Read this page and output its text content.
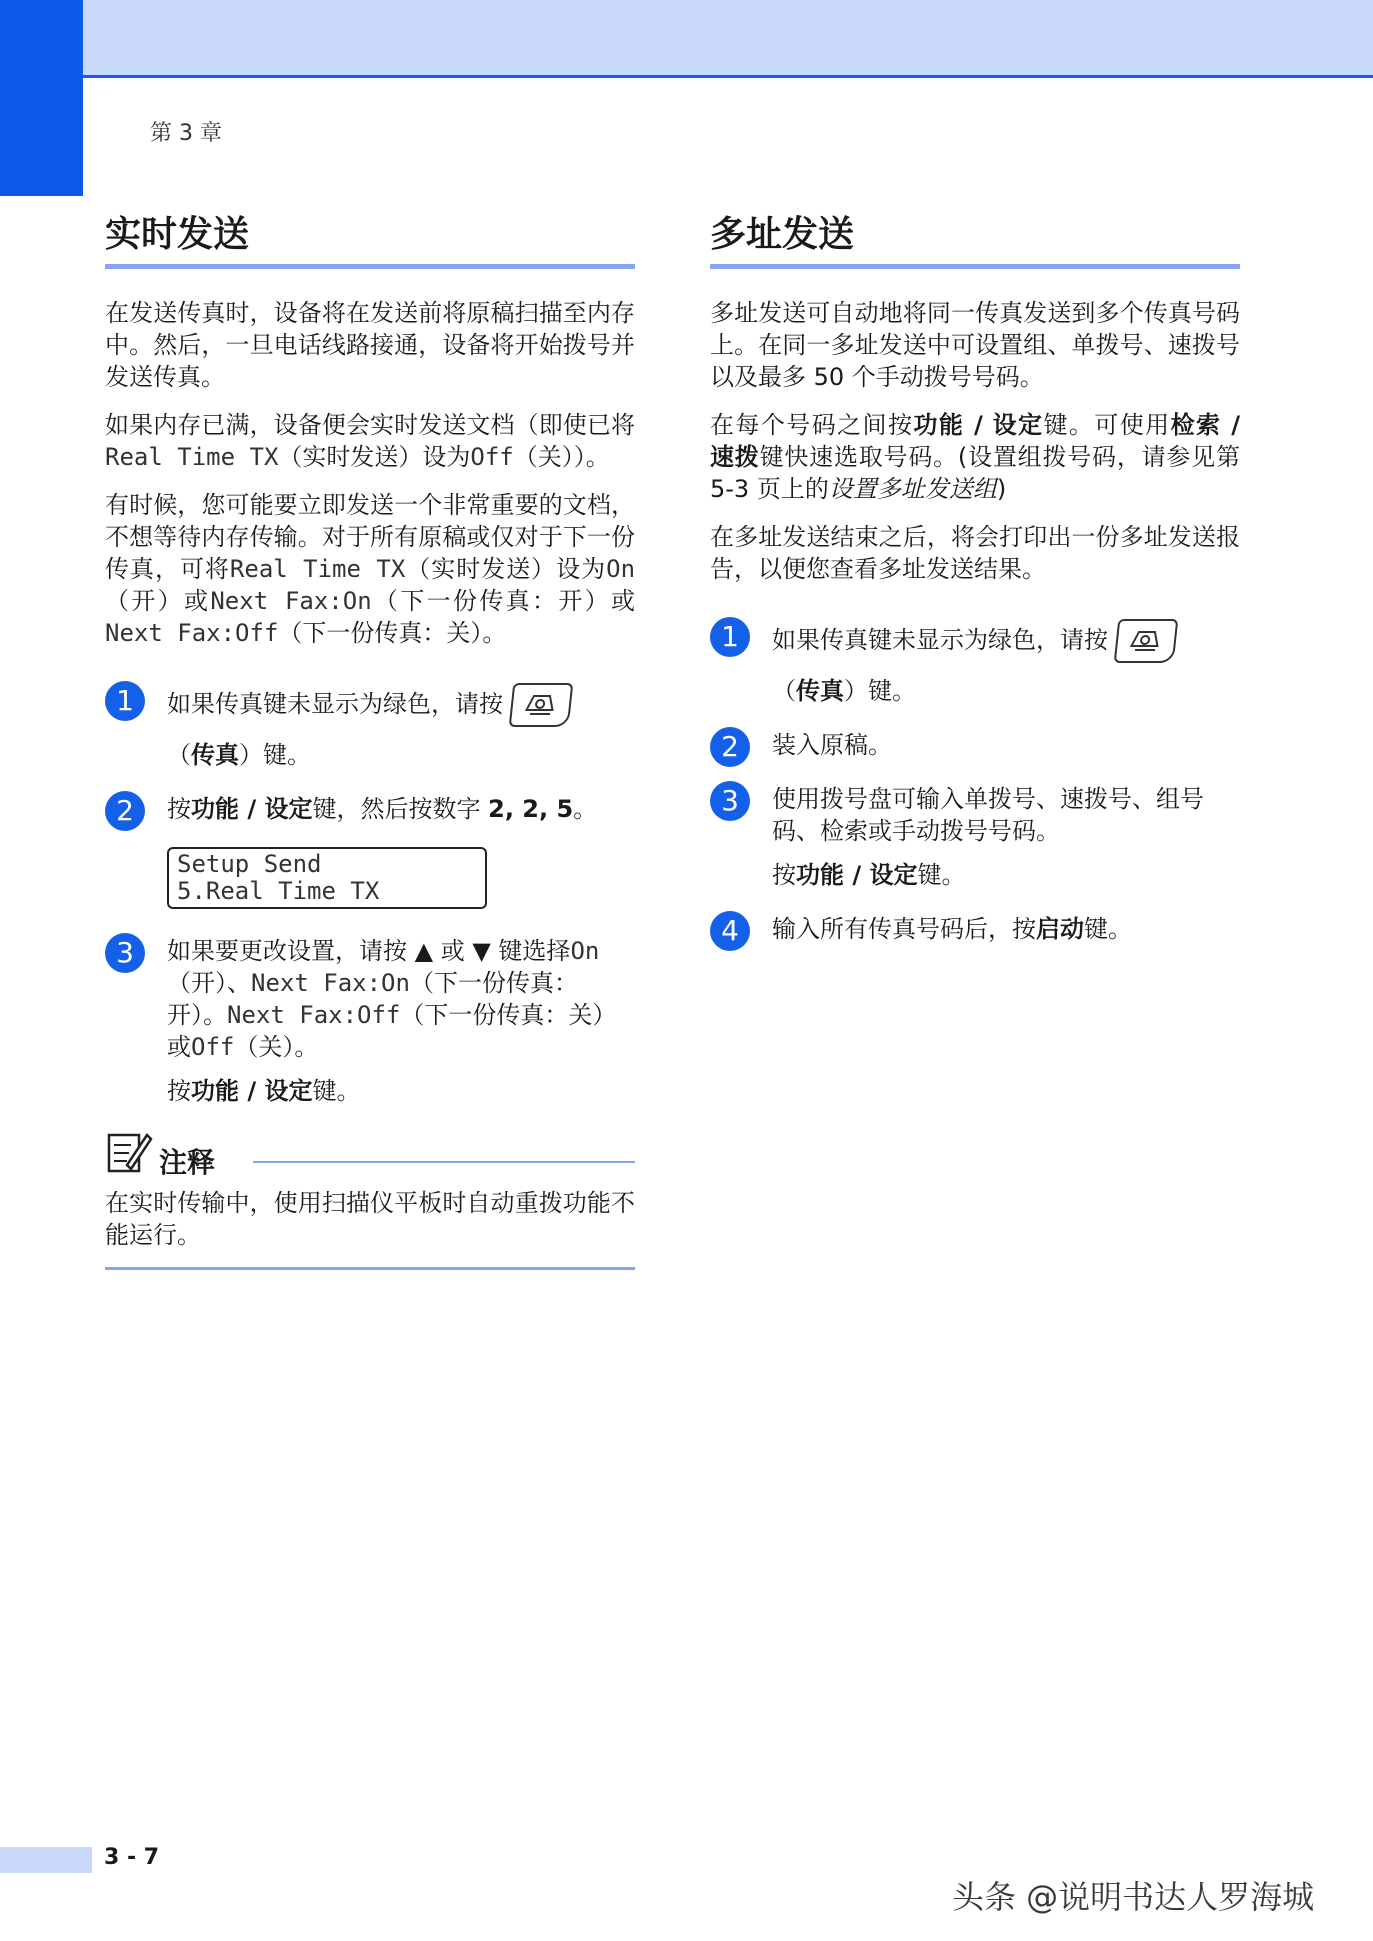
第 3 章
实时发送

在发送传真时，设备将在发送前将原稿扫描至内存中。然后，一旦电话线路接通，设备将开始拨号并发送传真。

如果内存已满，设备便会实时发送文档（即使已将Real Time TX（实时发送）设为Off（关））。

有时候，您可能要立即发送一个非常重要的文档，不想等待内存传输。对于所有原稿或仅对于下一份传真，可将Real Time TX（实时发送）设为On（开）或Next Fax:On（下一份传真：开）或Next Fax:Off（下一份传真：关）。

1	如果传真键未显示为绿色，请按
（传真）键。
2	按功能 / 设定键，然后按数字 2, 2, 5。
Setup Send
5.Real Time TX
3	如果要更改设置，请按 ▲ 或 ▼ 键选择On（开）、Next Fax:On（下一份传真：开）。Next Fax:Off（下一份传真：关）或Off（关）。
按功能 / 设定键。
注释

在实时传输中，使用扫描仪平板时自动重拨功能不能运行。

多址发送

多址发送可自动地将同一传真发送到多个传真号码上。在同一多址发送中可设置组、单拨号、速拨号以及最多 50 个手动拨号号码。

在每个号码之间按功能 / 设定键。可使用检索 / 速拨键快速选取号码。(设置组拨号码，请参见第 5-3 页上的设置多址发送组)

在多址发送结束之后，将会打印出一份多址发送报告，以便您查看多址发送结果。

1	如果传真键未显示为绿色，请按
（传真）键。
2	装入原稿。
3	使用拨号盘可输入单拨号、速拨号、组号码、检索或手动拨号号码。
按功能 / 设定键。
4	输入所有传真号码后，按启动键。
3 - 7
头条 @说明书达人罗海城
